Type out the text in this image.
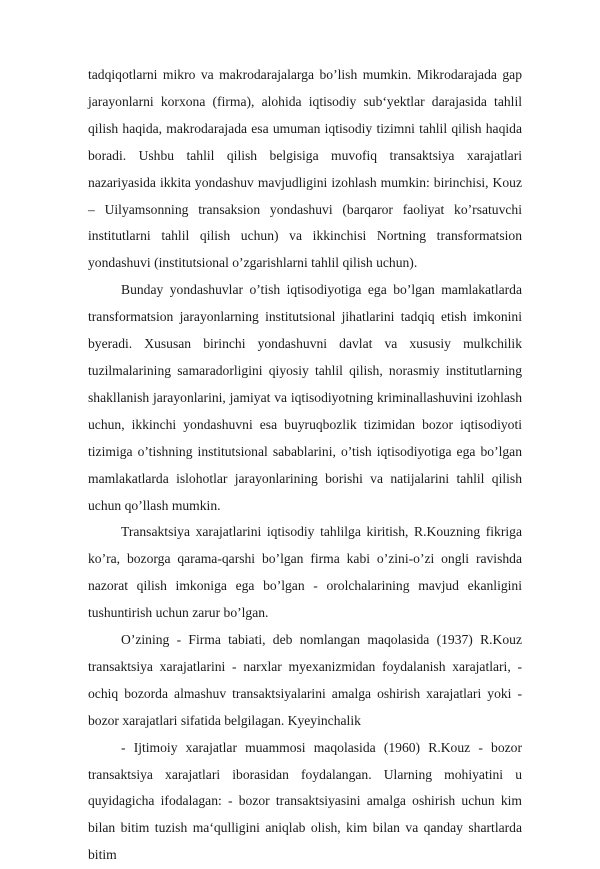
tadqiqotlarni mikro va makrodarajalarga bo’lish mumkin. Mikrodarajada gap jarayonlarni korxona (firma), alohida iqtisodiy sub‘yektlar darajasida tahlil qilish haqida, makrodarajada esa umuman iqtisodiy tizimni tahlil qilish haqida boradi. Ushbu tahlil qilish belgisiga muvofiq transaktsiya xarajatlari nazariyasida ikkita yondashuv mavjudligini izohlash mumkin: birinchisi, Kouz – Uilyamsonning transaksion yondashuvi (barqaror faoliyat ko’rsatuvchi institutlarni tahlil qilish uchun) va ikkinchisi Nortning transformatsion yondashuvi (institutsional o’zgarishlarni tahlil qilish uchun).

Bunday yondashuvlar o’tish iqtisodiyotiga ega bo’lgan mamlakatlarda transformatsion jarayonlarning institutsional jihatlarini tadqiq etish imkonini byeradi. Xususan birinchi yondashuvni davlat va xususiy mulkchilik tuzilmalarining samaradorligini qiyosiy tahlil qilish, norasmiy institutlarning shakllanish jarayonlarini, jamiyat va iqtisodiyotning kriminallashuvini izohlash uchun, ikkinchi yondashuvni esa buyruqbozlik tizimidan bozor iqtisodiyoti tizimiga o’tishning institutsional sabablarini, o’tish iqtisodiyotiga ega bo’lgan mamlakatlarda islohotlar jarayonlarining borishi va natijalarini tahlil qilish uchun qo’llash mumkin.

Transaktsiya xarajatlarini iqtisodiy tahlilga kiritish, R.Kouzning fikriga ko’ra, bozorga qarama-qarshi bo’lgan firma kabi o’zini-o’zi ongli ravishda nazorat qilish imkoniga ega bo’lgan - orolchalarining mavjud ekanligini tushuntirish uchun zarur bo’lgan.

O’zining - Firma tabiati, deb nomlangan maqolasida (1937) R.Kouz transaktsiya xarajatlarini - narxlar myexanizmidan foydalanish xarajatlari, - ochiq bozorda almashuv transaktsiyalarini amalga oshirish xarajatlari yoki - bozor xarajatlari sifatida belgilagan. Kyeyinchalik

- Ijtimoiy xarajatlar muammosi maqolasida (1960) R.Kouz - bozor transaktsiya xarajatlari iborasidan foydalangan. Ularning mohiyatini u quyidagicha ifodalagan: - bozor transaktsiyasini amalga oshirish uchun kim bilan bitim tuzish ma‘qulligini aniqlab olish, kim bilan va qanday shartlarda bitim
